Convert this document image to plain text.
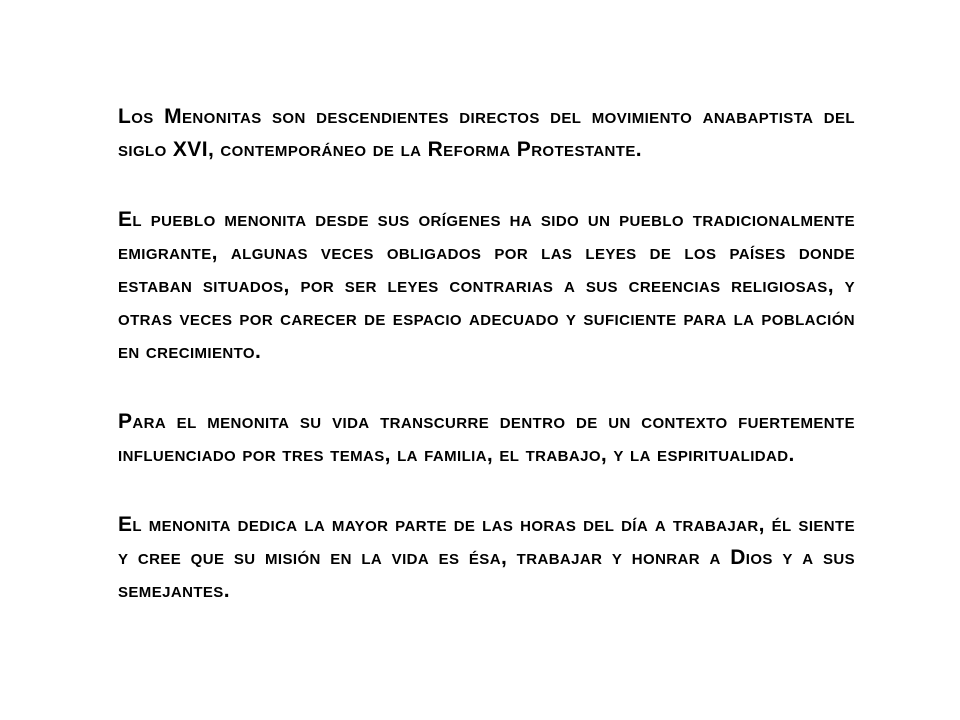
Los Menonitas son descendientes directos del movimiento anabaptista del siglo XVI, contemporáneo de la Reforma Protestante.

El pueblo menonita desde sus orígenes ha sido un pueblo tradicionalmente emigrante, algunas veces obligados por las leyes de los países donde estaban situados, por ser leyes contrarias a sus creencias religiosas, y otras veces por carecer de espacio adecuado y suficiente para la población en crecimiento.

Para el menonita su vida transcurre dentro de un contexto fuertemente influenciado por tres temas, la familia, el trabajo, y la espiritualidad.

El menonita dedica la mayor parte de las horas del día a trabajar, él siente y cree que su misión en la vida es ésa, trabajar y honrar a Dios y a sus semejantes.
